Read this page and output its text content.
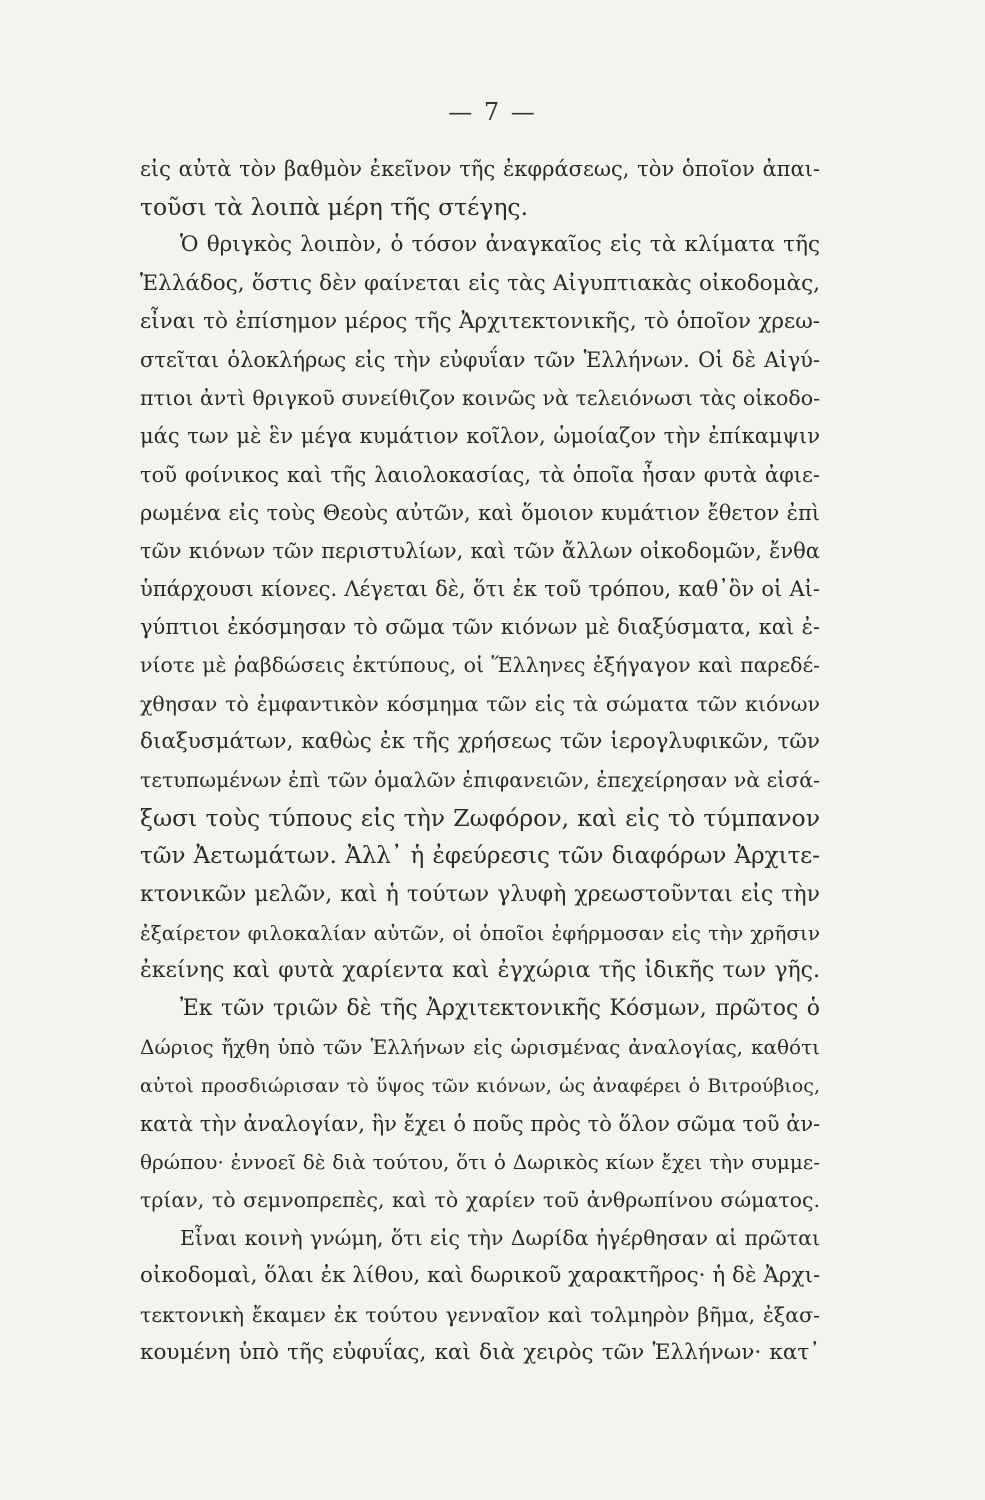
— 7 —
εἰς αὐτὰ τὸν βαθμὸν ἐκεῖνον τῆς ἐκφράσεως, τὸν ὁποῖον ἀπαι-
τοῦσι τὰ λοιπὰ μέρη τῆς στέγης.
Ὁ θριγκὸς λοιπὸν, ὁ τόσον ἀναγκαῖος εἰς τὰ κλίματα τῆς
Ἑλλάδος, ὅστις δὲν φαίνεται εἰς τὰς Αἰγυπτιακὰς οἰκοδομὰς,
εἶναι τὸ ἐπίσημον μέρος τῆς Ἀρχιτεκτονικῆς, τὸ ὁποῖον χρεω-
στεῖται ὁλοκλήρως εἰς τὴν εὐφυΐαν τῶν Ἑλλήνων. Οἱ δὲ Αἰγύ-
πτιοι ἀντὶ θριγκοῦ συνείθιζον κοινῶς νὰ τελειόνωσι τὰς οἰκοδο-
μάς των μὲ ἓν μέγα κυμάτιον κοῖλον, ὡμοίαζον τὴν ἐπίκαμψιν
τοῦ φοίνικος καὶ τῆς λαιολοκασίας, τὰ ὁποῖα ἦσαν φυτὰ ἀφιε-
ρωμένα εἰς τοὺς Θεοὺς αὐτῶν, καὶ ὅμοιον κυμάτιον ἔθετον ἐπὶ
τῶν κιόνων τῶν περιστυλίων, καὶ τῶν ἄλλων οἰκοδομῶν, ἔνθα
ὑπάρχουσι κίονες. Λέγεται δὲ, ὅτι ἐκ τοῦ τρόπου, καθ᾽ὃν οἱ Αἰ-
γύπτιοι ἐκόσμησαν τὸ σῶμα τῶν κιόνων μὲ διαξύσματα, καὶ ἐ-
νίοτε μὲ ῥαβδώσεις ἐκτύπους, οἱ Ἕλληνες ἐξήγαγον καὶ παρεδέ-
χθησαν τὸ ἐμφαντικὸν κόσμημα τῶν εἰς τὰ σώματα τῶν κιόνων
διαξυσμάτων, καθὼς ἐκ τῆς χρήσεως τῶν ἱερογλυφικῶν, τῶν
τετυπωμένων ἐπὶ τῶν ὁμαλῶν ἐπιφανειῶν, ἐπεχείρησαν νὰ εἰσά-
ξωσι τοὺς τύπους εἰς τὴν Ζωφόρον, καὶ εἰς τὸ τύμπανον
τῶν Ἀετωμάτων. Ἀλλ᾽ ἡ ἐφεύρεσις τῶν διαφόρων Ἀρχιτε-
κτονικῶν μελῶν, καὶ ἡ τούτων γλυφὴ χρεωστοῦνται εἰς τὴν
ἐξαίρετον φιλοκαλίαν αὐτῶν, οἱ ὁποῖοι ἐφήρμοσαν εἰς τὴν χρῆσιν
ἐκείνης καὶ φυτὰ χαρίεντα καὶ ἐγχώρια τῆς ἰδικῆς των γῆς.
Ἐκ τῶν τριῶν δὲ τῆς Ἀρχιτεκτονικῆς Κόσμων, πρῶτος ὁ
Δώριος ἤχθη ὑπὸ τῶν Ἑλλήνων εἰς ὡρισμένας ἀναλογίας, καθότι
αὐτοὶ προσδιώρισαν τὸ ὕψος τῶν κιόνων, ὡς ἀναφέρει ὁ Βιτρούβιος,
κατὰ τὴν ἀναλογίαν, ἣν ἔχει ὁ ποῦς πρὸς τὸ ὅλον σῶμα τοῦ ἀν-
θρώπου· ἐννοεῖ δὲ διὰ τούτου, ὅτι ὁ Δωρικὸς κίων ἔχει τὴν συμμε-
τρίαν, τὸ σεμνοπρεπὲς, καὶ τὸ χαρίεν τοῦ ἀνθρωπίνου σώματος.
Εἶναι κοινὴ γνώμη, ὅτι εἰς τὴν Δωρίδα ἠγέρθησαν αἱ πρῶται
οἰκοδομαὶ, ὅλαι ἐκ λίθου, καὶ δωρικοῦ χαρακτῆρος· ἡ δὲ Ἀρχι-
τεκτονικὴ ἔκαμεν ἐκ τούτου γενναῖον καὶ τολμηρὸν βῆμα, ἐξασ-
κουμένη ὑπὸ τῆς εὐφυΐας, καὶ διὰ χειρὸς τῶν Ἑλλήνων· κατ᾽
